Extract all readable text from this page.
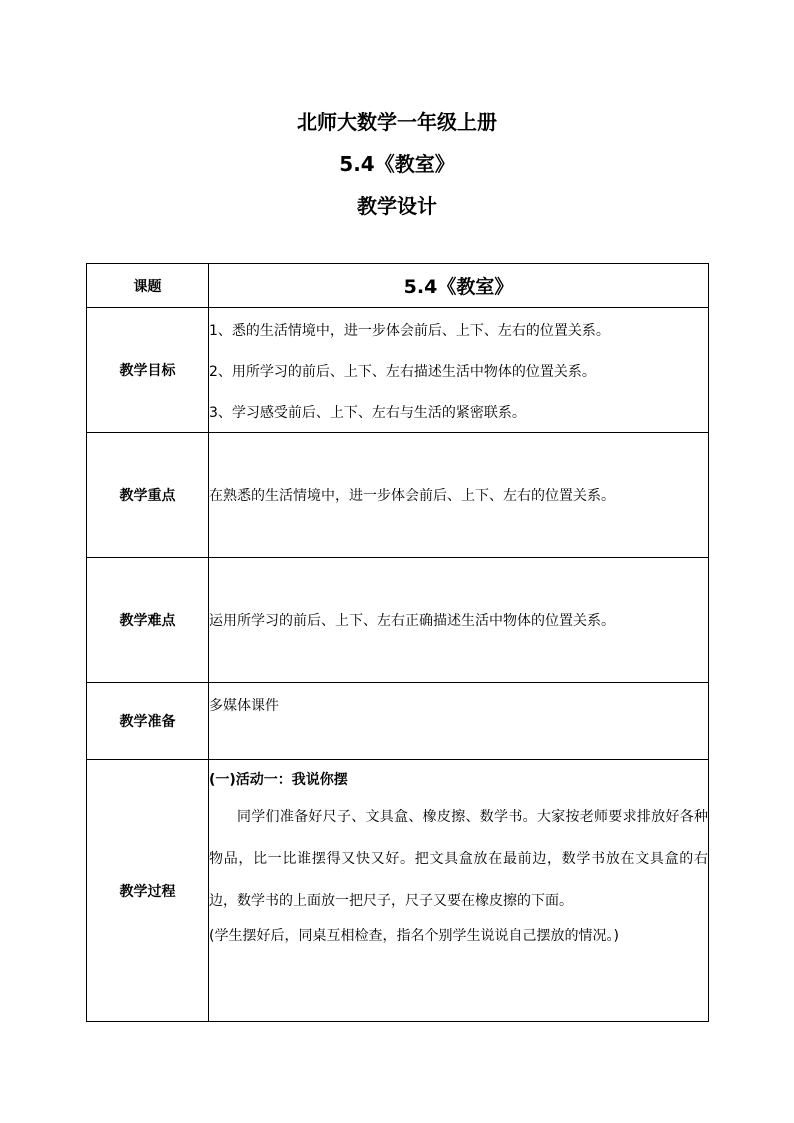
北师大数学一年级上册
5.4《教室》
教学设计
课题	5.4《教室》
教学目标	1、悉的生活情境中，进一步体会前后、上下、左右的位置关系。

2、用所学习的前后、上下、左右描述生活中物体的位置关系。

3、学习感受前后、上下、左右与生活的紧密联系。

教学重点	在熟悉的生活情境中，进一步体会前后、上下、左右的位置关系。
教学难点	运用所学习的前后、上下、左右正确描述生活中物体的位置关系。
教学准备	多媒体课件
教学过程	(一)活动一：我说你摆

同学们准备好尺子、文具盒、橡皮擦、数学书。大家按老师要求排放好各种物品，比一比谁摆得又快又好。把文具盒放在最前边，数学书放在文具盒的右边，数学书的上面放一把尺子，尺子又要在橡皮擦的下面。

(学生摆好后，同桌互相检查，指名个别学生说说自己摆放的情况。)
